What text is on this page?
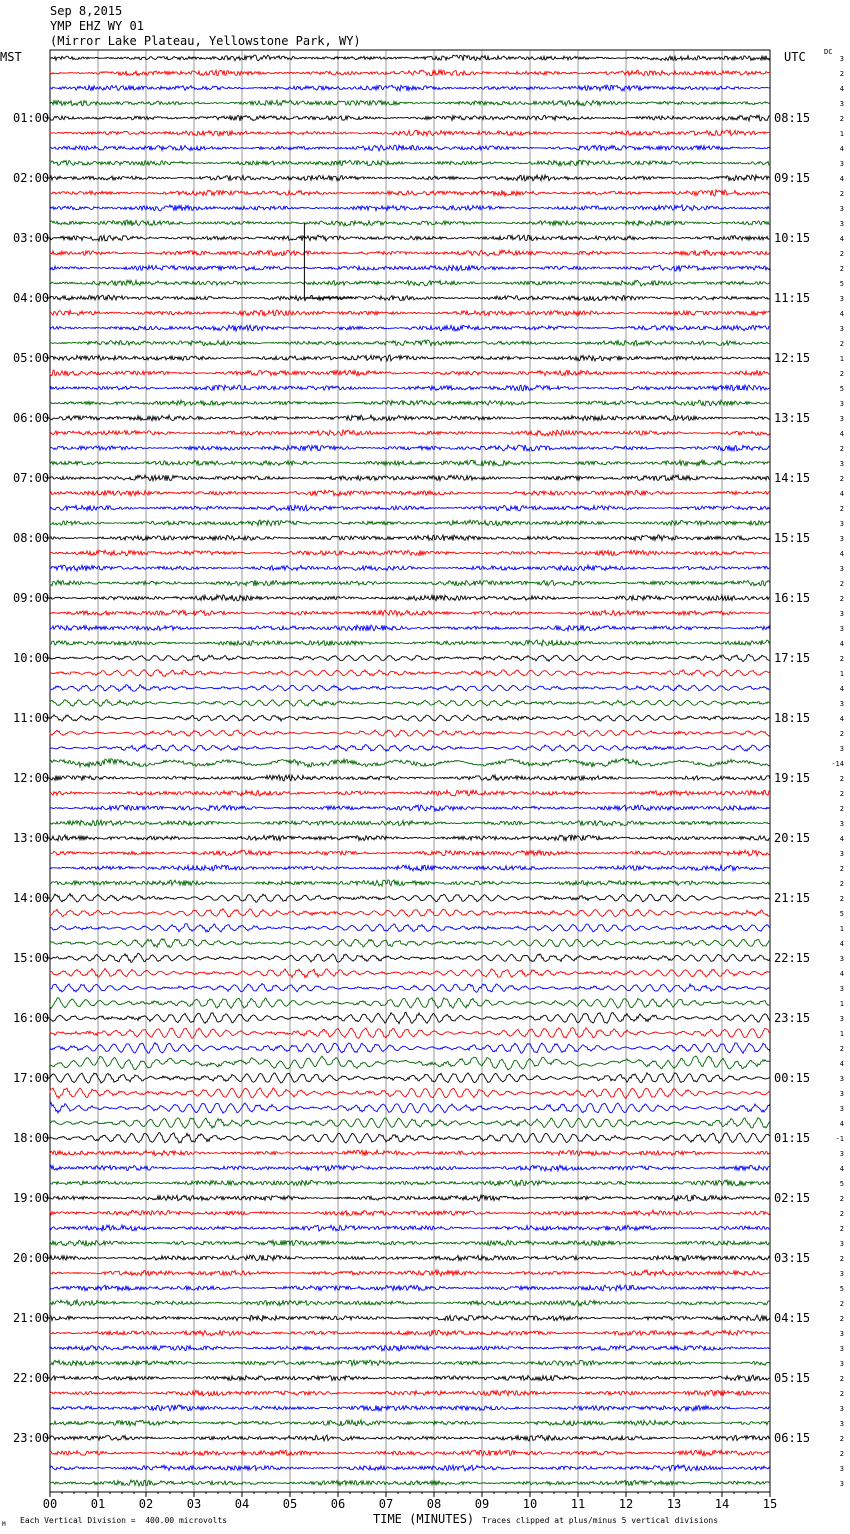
Sep 8,2015
YMP EHZ WY 01
(Mirror Lake Plateau, Yellowstone Park, WY)
MST	UTC	DC
00	01	02	03	04	05	06	07	08	09	10	11	12	13	14	15
3
2
4
3
2
01:00	08:15
1
4
3
4
02:00	09:15
2
3
3
4
03:00	10:15
2
2
5
3
04:00	11:15
4
3
2
1
05:00	12:15
2
5
3
3
06:00	13:15
4
2
3
2
07:00	14:15
4
2
3
3
08:00	15:15
4
3
2
2
09:00	16:15
3
3
4
2
10:00	17:15
1
4
3
4
11:00	18:15
2
3
-14
2
12:00	19:15
2
2
3
4
13:00	20:15
3
2
2
2
14:00	21:15
5
1
4
3
15:00	22:15
4
3
1
3
16:00	23:15
1
2
4
3
17:00	00:15
3
3
4
-1
18:00	01:15
3
4
5
2
19:00	02:15
2
2
3
2
20:00	03:15
3
5
2
2
21:00	04:15
3
3
3
2
22:00	05:15
2
3
3
2
23:00	06:15
2
3
3
TIME (MINUTES)
M Each Vertical Division =  400.00 microvolts	Traces clipped at plus/minus 5 vertical divisions
